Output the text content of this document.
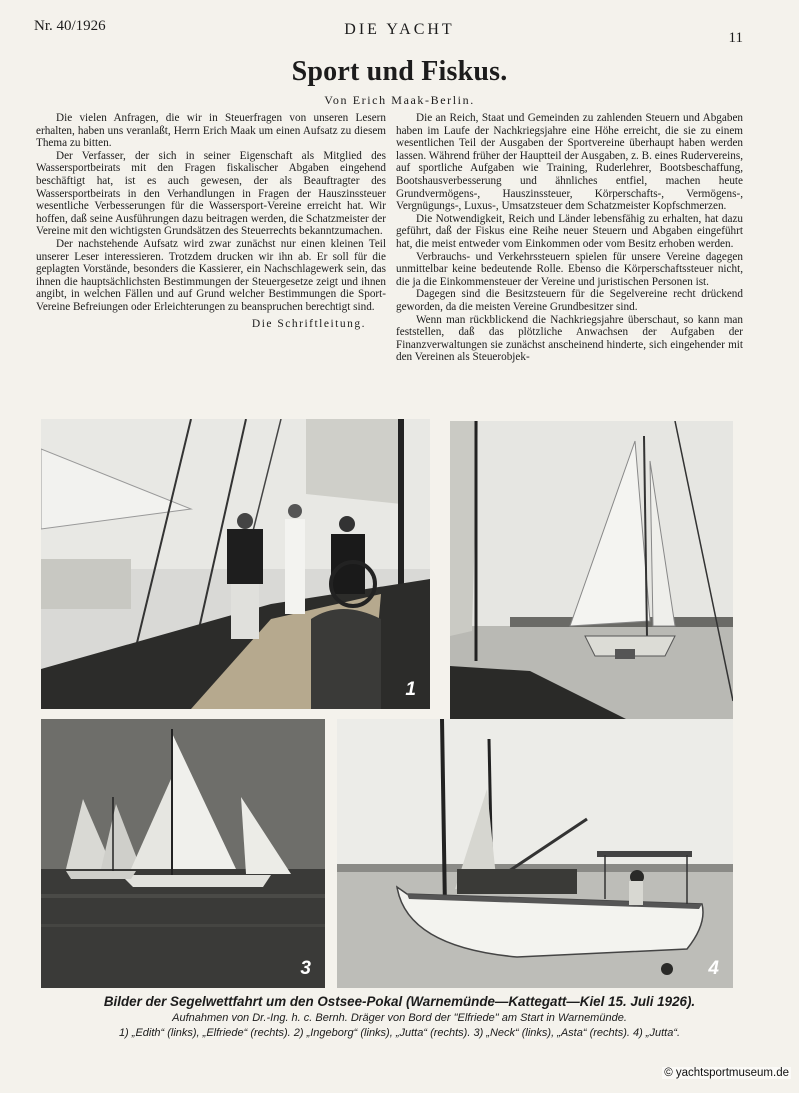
Nr. 40/1926	DIE YACHT	11
Sport und Fiskus.
Von Erich Maak-Berlin.

Die vielen Anfragen, die wir in Steuerfragen von unseren Lesern erhalten, haben uns veranlaßt, Herrn Erich Maak um einen Aufsatz zu diesem Thema zu bitten.

Der Verfasser, der sich in seiner Eigenschaft als Mitglied des Wassersportbeirats mit den Fragen fiskalischer Abgaben eingehend beschäftigt hat, ist es auch gewesen, der als Beauftragter des Wassersportbeirats in den Verhandlungen in Fragen der Hauszinssteuer wesentliche Verbesserungen für die Wassersport-Vereine erreicht hat. Wir hoffen, daß seine Ausführungen dazu beitragen werden, die Schatzmeister der Vereine mit den wichtigsten Grundsätzen des Steuerrechts bekanntzumachen.

Der nachstehende Aufsatz wird zwar zunächst nur einen kleinen Teil unserer Leser interessieren. Trotzdem drucken wir ihn ab. Er soll für die geplagten Vorstände, besonders die Kassierer, ein Nachschlagewerk sein, das ihnen die hauptsächlichsten Bestimmungen der Steuergesetze zeigt und ihnen angibt, in welchen Fällen und auf Grund welcher Bestimmungen die Sport-Vereine Befreiungen oder Erleichterungen zu beanspruchen berechtigt sind.

Die Schriftleitung.

Die an Reich, Staat und Gemeinden zu zahlenden Steuern und Abgaben haben im Laufe der Nachkriegsjahre eine Höhe erreicht, die sie zu einem wesentlichen Teil der Ausgaben der Sportvereine überhaupt haben werden lassen. Während früher der Hauptteil der Ausgaben, z. B. eines Rudervereins, auf sportliche Aufgaben wie Training, Ruderlehrer, Bootsbeschaffung, Bootshausverbesserung und ähnliches entfiel, machen heute Grundvermögens-, Hauszinssteuer, Körperschafts-, Vermögens-, Vergnügungs-, Luxus-, Umsatzsteuer dem Schatzmeister Kopfschmerzen.

Die Notwendigkeit, Reich und Länder lebensfähig zu erhalten, hat dazu geführt, daß der Fiskus eine Reihe neuer Steuern und Abgaben eingeführt hat, die meist entweder vom Einkommen oder vom Besitz erhoben werden.

Verbrauchs- und Verkehrssteuern spielen für unsere Vereine dagegen unmittelbar keine bedeutende Rolle. Ebenso die Körperschaftssteuer nicht, die ja die Einkommensteuer der Vereine und juristischen Personen ist.

Dagegen sind die Besitzsteuern für die Segelvereine recht drückend geworden, da die meisten Vereine Grundbesitzer sind.

Wenn man rückblickend die Nachkriegsjahre überschaut, so kann man feststellen, daß das plötzliche Anwachsen der Aufgaben der Finanzverwaltungen sie zunächst anscheinend hinderte, sich eingehender mit den Vereinen als Steuerobjek-

1
3	4
Bilder der Segelwettfahrt um den Ostsee-Pokal (Warnemünde—Kattegatt—Kiel 15. Juli 1926).
Aufnahmen von Dr.-Ing. h. c. Bernh. Dräger von Bord der "Elfriede" am Start in Warnemünde.
1) „Edith“ (links), „Elfriede“ (rechts). 2) „Ingeborg“ (links), „Jutta“ (rechts). 3) „Neck“ (links), „Asta“ (rechts). 4) „Jutta“.
© yachtsportmuseum.de
